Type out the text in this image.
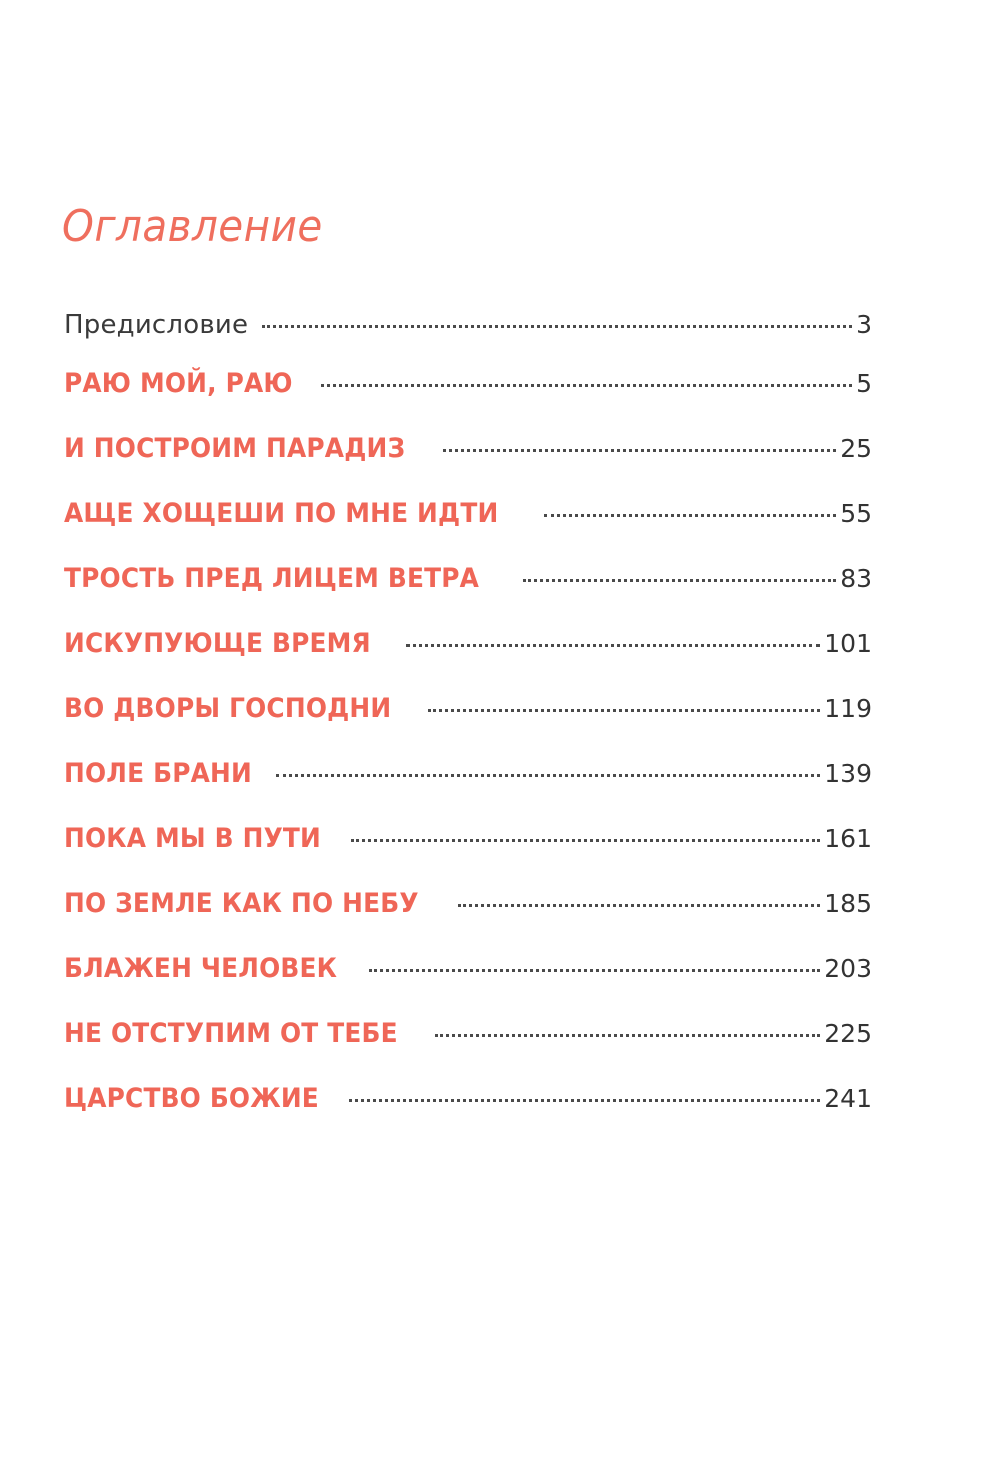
Оглавление
Предисловие	3
РАЮ МОЙ, РАЮ	5
И ПОСТРОИМ ПАРАДИЗ	25
АЩЕ ХОЩЕШИ ПО МНЕ ИДТИ	55
ТРОСТЬ ПРЕД ЛИЦЕМ ВЕТРА	83
ИСКУПУЮЩЕ ВРЕМЯ	101
ВО ДВОРЫ ГОСПОДНИ	119
ПОЛЕ БРАНИ	139
ПОКА МЫ В ПУТИ	161
ПО ЗЕМЛЕ КАК ПО НЕБУ	185
БЛАЖЕН ЧЕЛОВЕК	203
НЕ ОТСТУПИМ ОТ ТЕБЕ	225
ЦАРСТВО БОЖИЕ	241
